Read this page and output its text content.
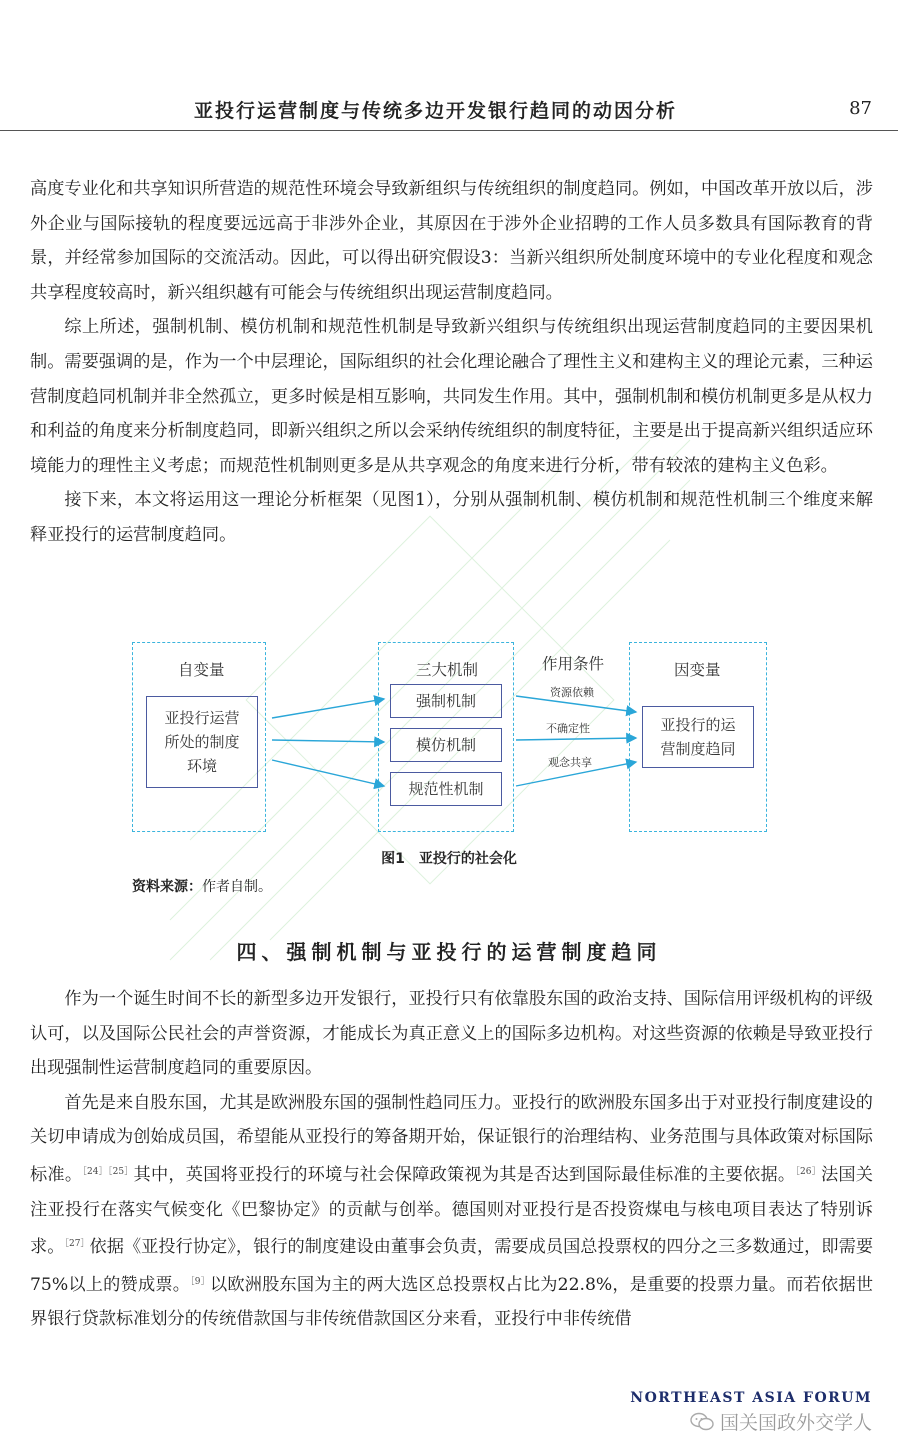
亚投行运营制度与传统多边开发银行趋同的动因分析	87

高度专业化和共享知识所营造的规范性环境会导致新组织与传统组织的制度趋同。例如，中国改革开放以后，涉外企业与国际接轨的程度要远远高于非涉外企业，其原因在于涉外企业招聘的工作人员多数具有国际教育的背景，并经常参加国际的交流活动。因此，可以得出研究假设3：当新兴组织所处制度环境中的专业化程度和观念共享程度较高时，新兴组织越有可能会与传统组织出现运营制度趋同。

综上所述，强制机制、模仿机制和规范性机制是导致新兴组织与传统组织出现运营制度趋同的主要因果机制。需要强调的是，作为一个中层理论，国际组织的社会化理论融合了理性主义和建构主义的理论元素，三种运营制度趋同机制并非全然孤立，更多时候是相互影响，共同发生作用。其中，强制机制和模仿机制更多是从权力和利益的角度来分析制度趋同，即新兴组织之所以会采纳传统组织的制度特征，主要是出于提高新兴组织适应环境能力的理性主义考虑；而规范性机制则更多是从共享观念的角度来进行分析，带有较浓的建构主义色彩。

接下来，本文将运用这一理论分析框架（见图1），分别从强制机制、模仿机制和规范性机制三个维度来解释亚投行的运营制度趋同。

自变量
亚投行运营所处的制度环境
三大机制
强制机制
模仿机制
规范性机制
作用条件	因变量
亚投行的运营制度趋同
资源依赖
不确定性
观念共享
图1　亚投行的社会化
资料来源：作者自制。
四、强制机制与亚投行的运营制度趋同

作为一个诞生时间不长的新型多边开发银行，亚投行只有依靠股东国的政治支持、国际信用评级机构的评级认可，以及国际公民社会的声誉资源，才能成长为真正意义上的国际多边机构。对这些资源的依赖是导致亚投行出现强制性运营制度趋同的重要原因。

首先是来自股东国，尤其是欧洲股东国的强制性趋同压力。亚投行的欧洲股东国多出于对亚投行制度建设的关切申请成为创始成员国，希望能从亚投行的筹备期开始，保证银行的治理结构、业务范围与具体政策对标国际标准。$^{[24][25]}$其中，英国将亚投行的环境与社会保障政策视为其是否达到国际最佳标准的主要依据。$^{[26]}$法国关注亚投行在落实气候变化《巴黎协定》的贡献与创举。德国则对亚投行是否投资煤电与核电项目表达了特别诉求。$^{[27]}$依据《亚投行协定》，银行的制度建设由董事会负责，需要成员国总投票权的四分之三多数通过，即需要75%以上的赞成票。$^{[9]}$以欧洲股东国为主的两大选区总投票权占比为22.8%，是重要的投票力量。而若依据世界银行贷款标准划分的传统借款国与非传统借款国区分来看，亚投行中非传统借

NORTHEAST ASIA FORUM
国关国政外交学人
